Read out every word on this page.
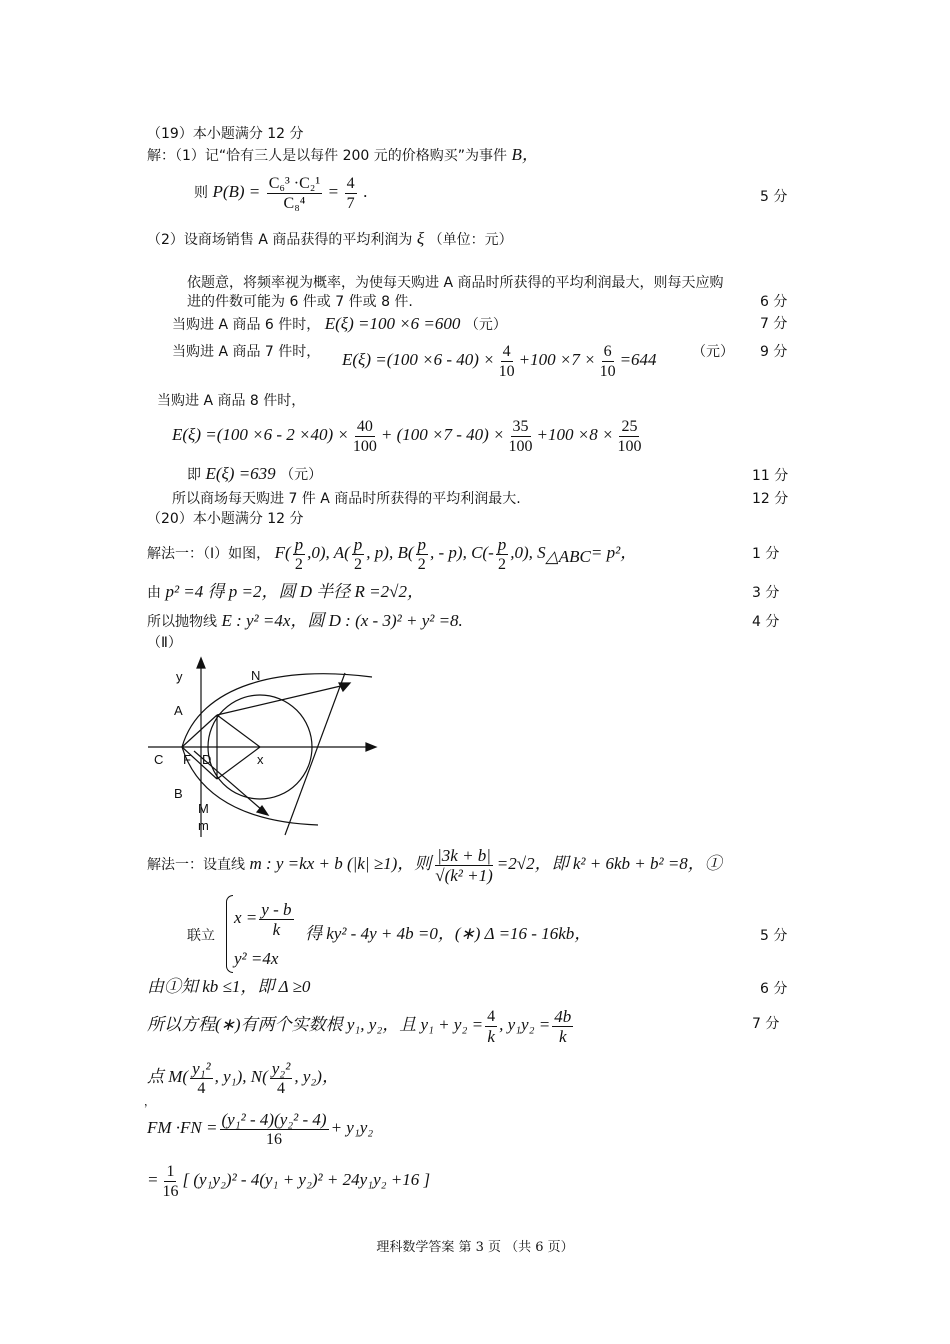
（19）本小题满分 12 分
解：（1）记“恰有三人是以每件 200 元的价格购买”为事件 B，
则 $P(B) = \frac{\text{C₆³ ·C₂¹}}{\text{C₈⁴}} = \frac{4}{7}$ .	5 分
（2）设商场销售 A 商品获得的平均利润为 ξ （单位：元）
依题意，将频率视为概率，为使每天购进 A 商品时所获得的平均利润最大，则每天应购
进的件数可能为 6 件或 7 件或 8 件.	6 分
当购进 A 商品 6 件时， E(ξ) =100 ×6 =600 （元）	7 分
当购进 A 商品 7 件时， $E(\xi) =(100 \times 6 - 40) \times \frac{4}{10} +100 \times 7 \times \frac{6}{10} =644$	（元） 9 分
当购进 A 商品 8 件时，
$E(\xi) =(100 \times 6 - 2 \times 40) \times \frac{40}{100} + (100 \times 7 - 40) \times \frac{35}{100} +100 \times 8 \times \frac{25}{100}$
即 E(ξ) =639 （元）	11 分
所以商场每天购进 7 件 A 商品时所获得的平均利润最大.	12 分
（20）本小题满分 12 分
解法一：（Ⅰ）如图， $F( \frac{p}{2} ,0)$, $A( \frac{p}{2}$ , p), $B( \frac{p}{2}$ , - p), $C(- \frac{p}{2} ,0)$, $S_{\triangle ABC}= p^2$，	1 分
由 p² =4 得 p =2，圆 D 半径 R =2√2，	3 分
所以抛物线 E : y² =4x，圆 D : (x - 3)² + y² =8.	4 分
（Ⅱ）
y	N
A
C F D	x
B
M
m
解法一：设直线 m : y =kx + b (|k| ≥1)，则 $\frac{|3k + b|}{\text{√(k² +1)}} =2√2$，即 k² + 6kb + b² =8，①
联立
$x = \frac{y - b}{k}$
y² =4x
得 ky² - 4y + 4b =0，(∗) Δ =16 - 16kb，	5 分
由①知 kb ≤1，即 Δ ≥0	6 分
所以方程(∗)有两个实数根 y₁, y₂，且 $y_1 + y_2 = \frac{4}{k}$ , $y_1y_2 = \frac{4b}{k}$	7 分
点 $M( \frac{\text{y₁²}}{4}$ , y₁), $N( \frac{\text{y₂²}}{4}$ , y₂)，
，
FM $\cdot FN = \frac{\text{(y₁² - 4)(y₂² - 4)}}{16} + y_1y_2$
= $\frac{1}{16}$ [ (y₁y₂)² - 4(y₁ + y₂)² + 24y₁y₂ +16 ]
理科数学答案 第 3 页 （共 6 页）
